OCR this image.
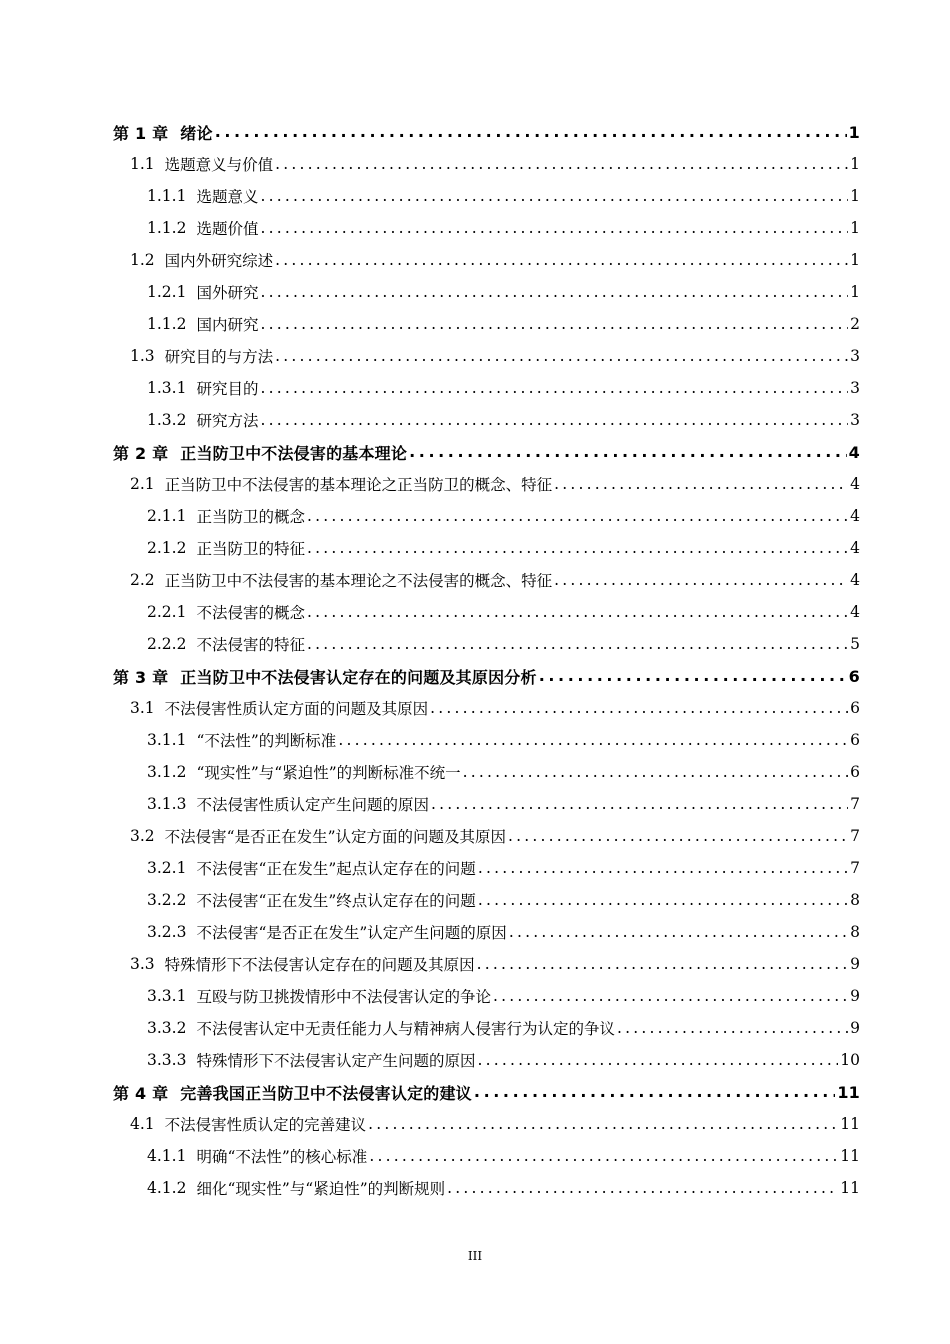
第 1 章 绪论 .....	1
1.1 选题意义与价值 .....	1
1.1.1 选题意义 .....	1
1.1.2 选题价值 .....	1
1.2 国内外研究综述 .....	1
1.2.1 国外研究 .....	1
1.1.2 国内研究 .....	2
1.3 研究目的与方法 .....	3
1.3.1 研究目的 .....	3
1.3.2 研究方法 .....	3
第 2 章 正当防卫中不法侵害的基本理论 .....	4
2.1 正当防卫中不法侵害的基本理论之正当防卫的概念、特征 .....	4
2.1.1 正当防卫的概念 .....	4
2.1.2 正当防卫的特征 .....	4
2.2 正当防卫中不法侵害的基本理论之不法侵害的概念、特征 .....	4
2.2.1 不法侵害的概念 .....	4
2.2.2 不法侵害的特征 .....	5
第 3 章 正当防卫中不法侵害认定存在的问题及其原因分析 .....	6
3.1 不法侵害性质认定方面的问题及其原因 .....	6
3.1.1 “不法性”的判断标准 .....	6
3.1.2 “现实性”与“紧迫性”的判断标准不统一 .....	6
3.1.3 不法侵害性质认定产生问题的原因 .....	7
3.2 不法侵害“是否正在发生”认定方面的问题及其原因 .....	7
3.2.1 不法侵害“正在发生”起点认定存在的问题 .....	7
3.2.2 不法侵害“正在发生”终点认定存在的问题 .....	8
3.2.3 不法侵害“是否正在发生”认定产生问题的原因 .....	8
3.3 特殊情形下不法侵害认定存在的问题及其原因 .....	9
3.3.1 互殴与防卫挑拨情形中不法侵害认定的争论 .....	9
3.3.2 不法侵害认定中无责任能力人与精神病人侵害行为认定的争议 .....	9
3.3.3 特殊情形下不法侵害认定产生问题的原因 .....	10
第 4 章 完善我国正当防卫中不法侵害认定的建议 .....	11
4.1 不法侵害性质认定的完善建议 .....	11
4.1.1 明确“不法性”的核心标准 .....	11
4.1.2 细化“现实性”与“紧迫性”的判断规则 .....	11
III
